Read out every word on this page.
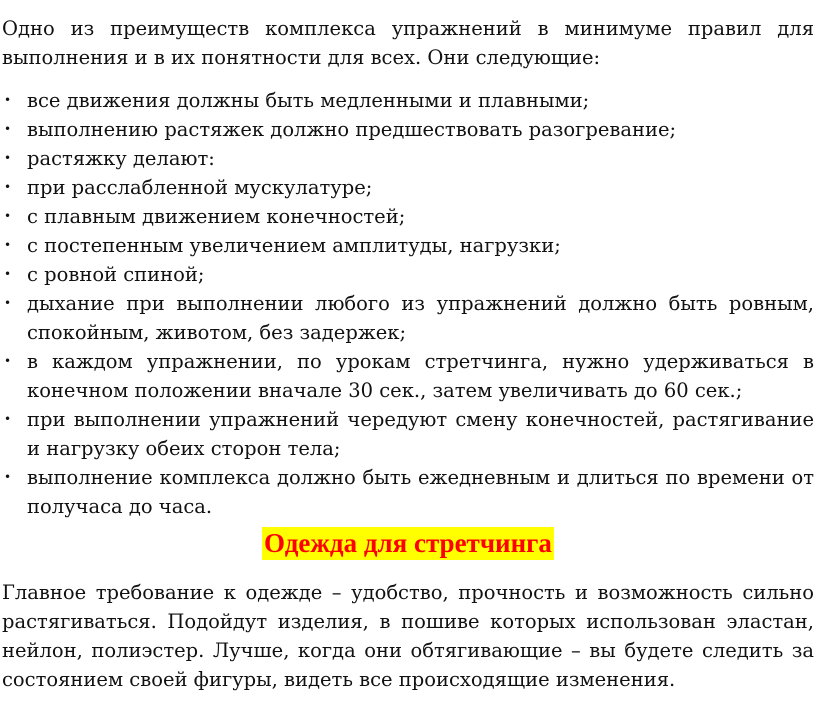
Одно из преимуществ комплекса упражнений в минимуме правил для выполнения и в их понятности для всех. Они следующие:

• все движения должны быть медленными и плавными;
• выполнению растяжек должно предшествовать разогревание;
• растяжку делают:
• при расслабленной мускулатуре;
• с плавным движением конечностей;
• с постепенным увеличением амплитуды, нагрузки;
• с ровной спиной;
• дыхание при выполнении любого из упражнений должно быть ровным, спокойным, животом, без задержек;
• в каждом упражнении, по урокам стретчинга, нужно удерживаться в конечном положении вначале 30 сек., затем увеличивать до 60 сек.;
• при выполнении упражнений чередуют смену конечностей, растягивание и нагрузку обеих сторон тела;
• выполнение комплекса должно быть ежедневным и длиться по времени от получаса до часа.
Одежда для стретчинга

Главное требование к одежде – удобство, прочность и возможность сильно растягиваться. Подойдут изделия, в пошиве которых использован эластан, нейлон, полиэстер. Лучше, когда они обтягивающие – вы будете следить за состоянием своей фигуры, видеть все происходящие изменения.
